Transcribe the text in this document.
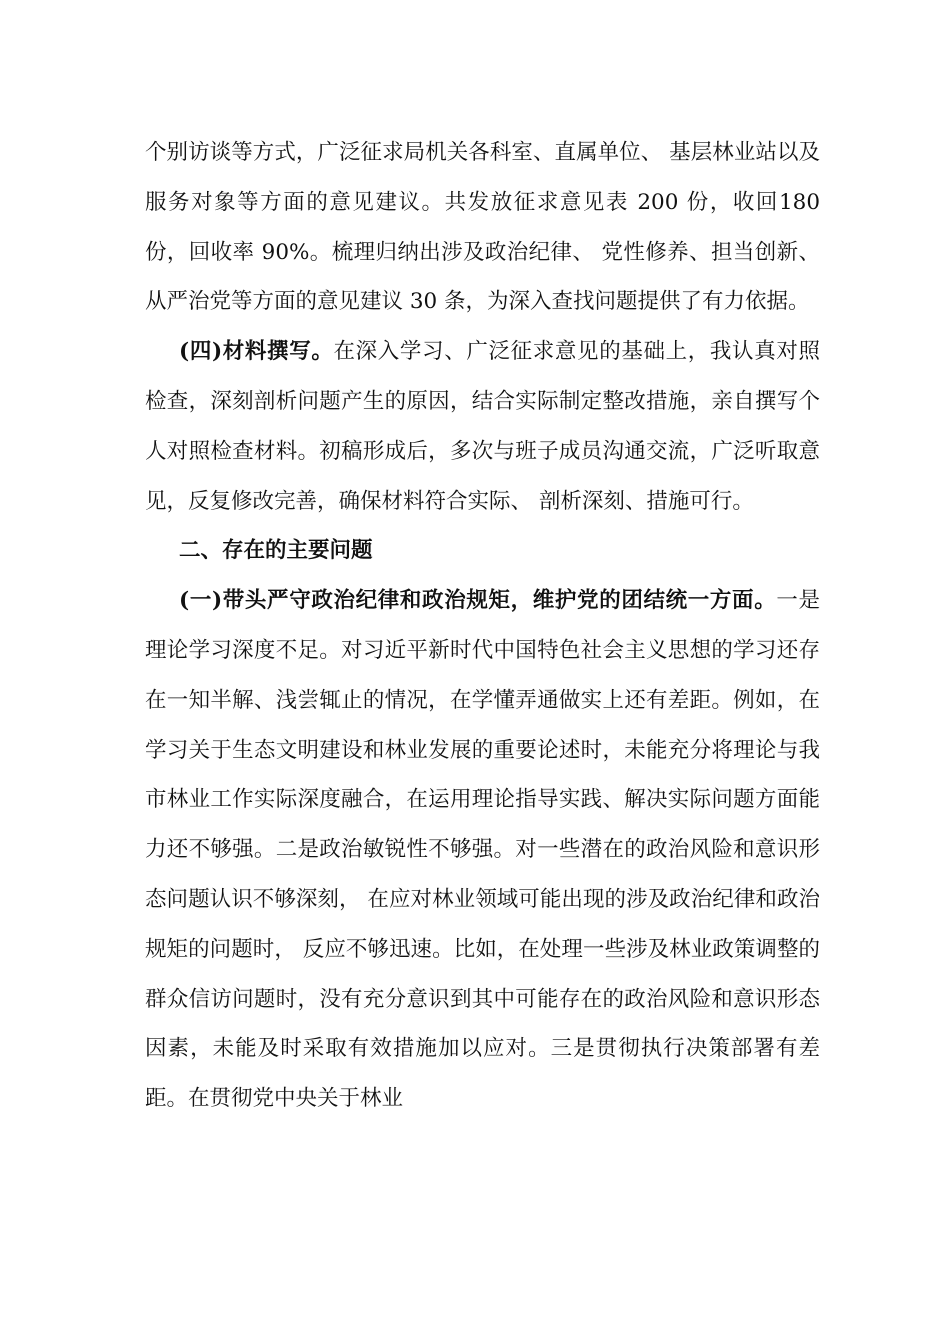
个别访谈等方式，广泛征求局机关各科室、直属单位、 基层林业站以及服务对象等方面的意见建议。共发放征求意见表 200 份，收回180 份，回收率 90%。梳理归纳出涉及政治纪律、 党性修养、担当创新、从严治党等方面的意见建议 30 条，为深入查找问题提供了有力依据。

(四)材料撰写。在深入学习、广泛征求意见的基础上，我认真对照检查，深刻剖析问题产生的原因，结合实际制定整改措施，亲自撰写个人对照检查材料。初稿形成后，多次与班子成员沟通交流，广泛听取意见，反复修改完善，确保材料符合实际、 剖析深刻、措施可行。

二、存在的主要问题

(一)带头严守政治纪律和政治规矩，维护党的团结统一方面。一是理论学习深度不足。对习近平新时代中国特色社会主义思想的学习还存在一知半解、浅尝辄止的情况，在学懂弄通做实上还有差距。例如，在学习关于生态文明建设和林业发展的重要论述时，未能充分将理论与我市林业工作实际深度融合，在运用理论指导实践、解决实际问题方面能力还不够强。二是政治敏锐性不够强。对一些潜在的政治风险和意识形态问题认识不够深刻， 在应对林业领域可能出现的涉及政治纪律和政治规矩的问题时， 反应不够迅速。比如，在处理一些涉及林业政策调整的群众信访问题时，没有充分意识到其中可能存在的政治风险和意识形态因素，未能及时采取有效措施加以应对。三是贯彻执行决策部署有差距。在贯彻党中央关于林业
